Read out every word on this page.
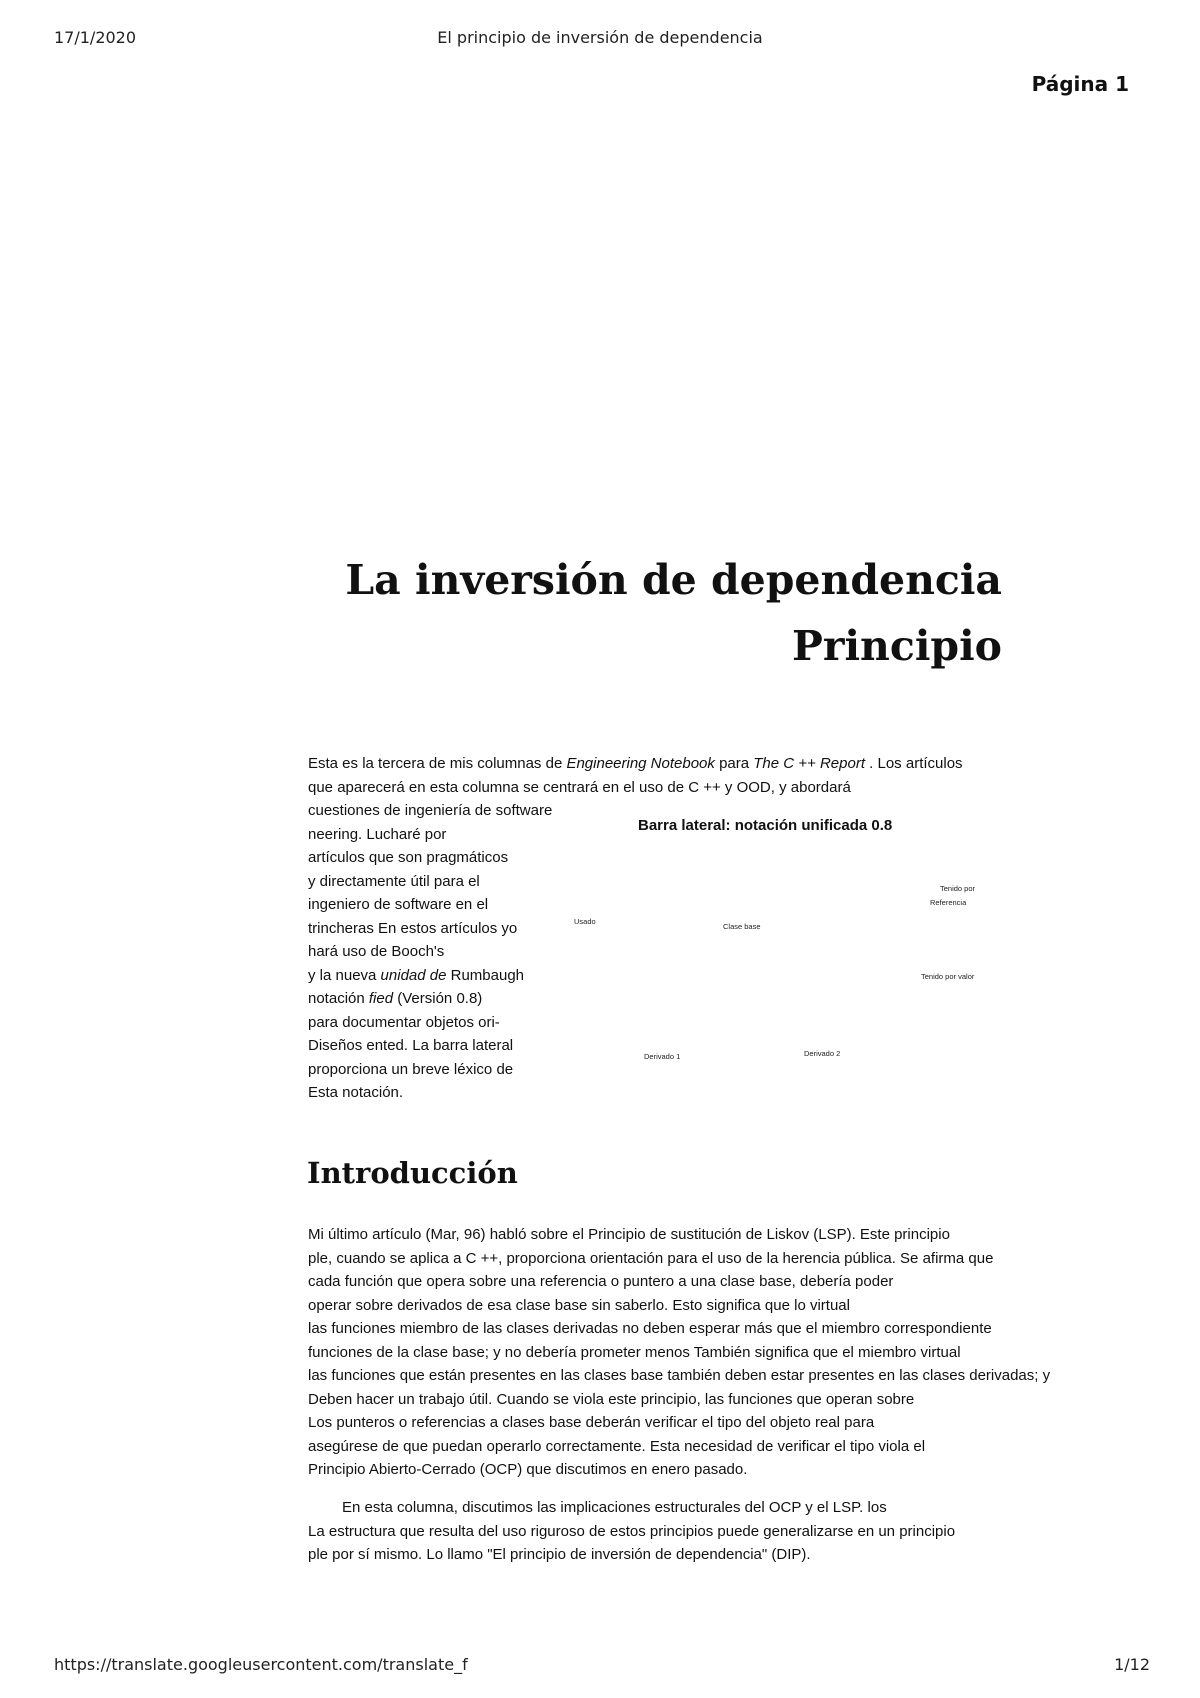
17/1/2020	El principio de inversión de dependencia
Página 1
La inversión de dependencia
Principio
Esta es la tercera de mis columnas de Engineering Notebook para The C ++ Report . Los artículos
que aparecerá en esta columna se centrará en el uso de C ++ y OOD, y abordará
cuestiones de ingeniería de software
neering. Lucharé por
artículos que son pragmáticos
y directamente útil para el
ingeniero de software en el
trincheras En estos artículos yo
hará uso de Booch's
y la nueva unidad de Rumbaugh
notación fied (Versión 0.8)
para documentar objetos ori-
Diseños ented. La barra lateral
proporciona un breve léxico de
Esta notación.
Barra lateral: notación unificada 0.8
Usado
Clase base
Tenido por
Referencia
Tenido por valor
Derivado 1	Derivado 2
Introducción
Mi último artículo (Mar, 96) habló sobre el Principio de sustitución de Liskov (LSP). Este principio
ple, cuando se aplica a C ++, proporciona orientación para el uso de la herencia pública. Se afirma que
cada función que opera sobre una referencia o puntero a una clase base, debería poder
operar sobre derivados de esa clase base sin saberlo. Esto significa que lo virtual
las funciones miembro de las clases derivadas no deben esperar más que el miembro correspondiente
funciones de la clase base; y no debería prometer menos También significa que el miembro virtual
las funciones que están presentes en las clases base también deben estar presentes en las clases derivadas; y
Deben hacer un trabajo útil. Cuando se viola este principio, las funciones que operan sobre
Los punteros o referencias a clases base deberán verificar el tipo del objeto real para
asegúrese de que puedan operarlo correctamente. Esta necesidad de verificar el tipo viola el
Principio Abierto-Cerrado (OCP) que discutimos en enero pasado.
En esta columna, discutimos las implicaciones estructurales del OCP y el LSP. los
La estructura que resulta del uso riguroso de estos principios puede generalizarse en un principio
ple por sí mismo. Lo llamo "El principio de inversión de dependencia" (DIP).
https://translate.googleusercontent.com/translate_f	1/12
